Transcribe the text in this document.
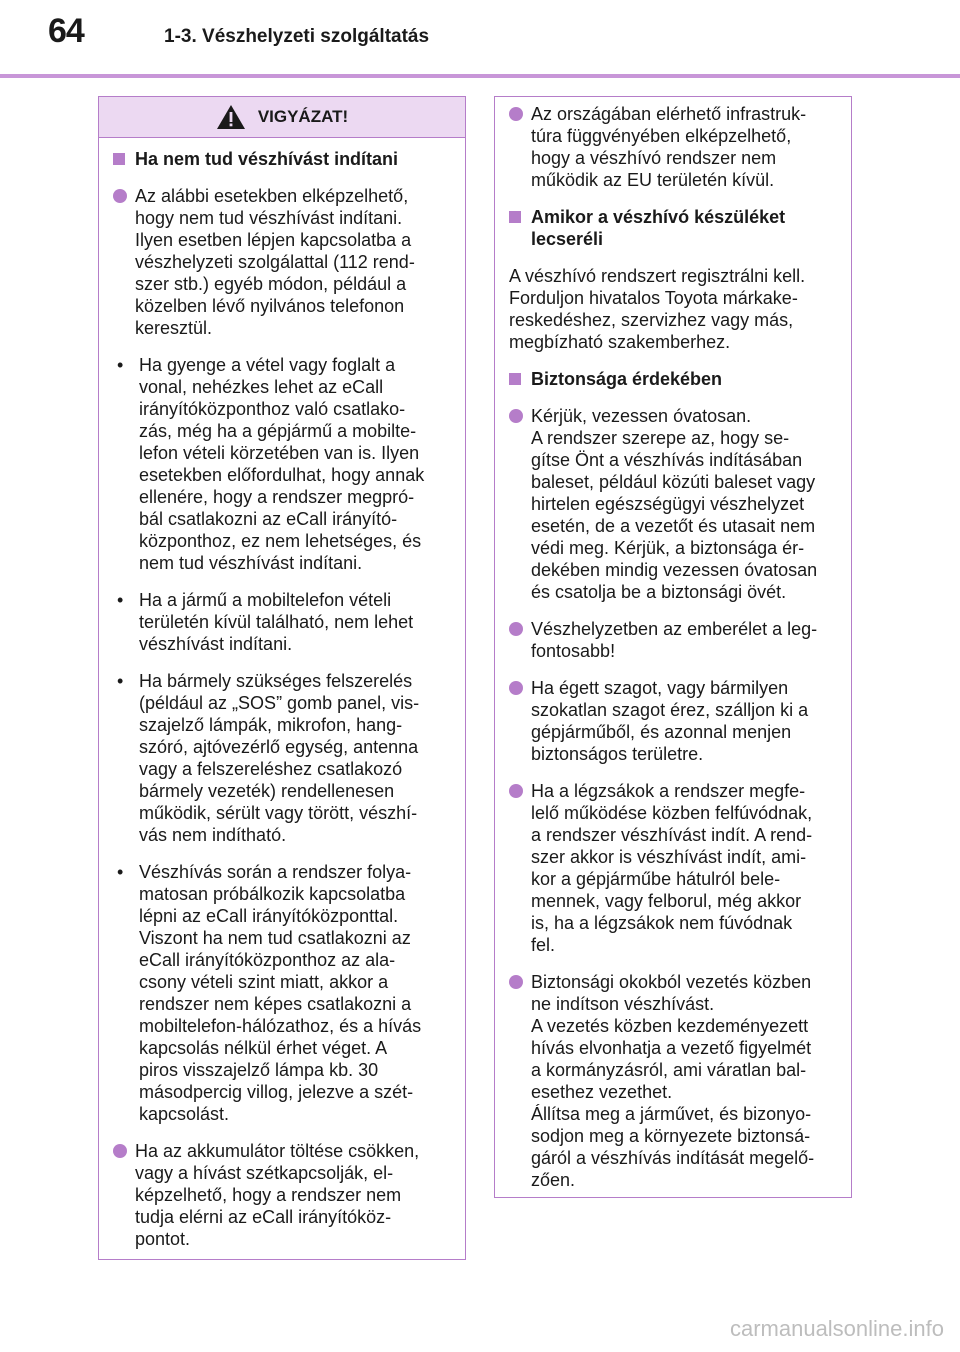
64	1-3. Vészhelyzeti szolgáltatás
VIGYÁZAT!
Ha nem tud vészhívást indítani
Az alábbi esetekben elképzelhető,
hogy nem tud vészhívást indítani.
Ilyen esetben lépjen kapcsolatba a
vészhelyzeti szolgálattal (112 rend-
szer stb.) egyéb módon, például a
közelben lévő nyilvános telefonon
keresztül.
• Ha gyenge a vétel vagy foglalt a
vonal, nehézkes lehet az eCall
irányítóközponthoz való csatlako-
zás, még ha a gépjármű a mobilte-
lefon vételi körzetében van is. Ilyen
esetekben előfordulhat, hogy annak
ellenére, hogy a rendszer megpró-
bál csatlakozni az eCall irányító-
központhoz, ez nem lehetséges, és
nem tud vészhívást indítani.
• Ha a jármű a mobiltelefon vételi
területén kívül található, nem lehet
vészhívást indítani.
• Ha bármely szükséges felszerelés
(például az „SOS” gomb panel, vis-
szajelző lámpák, mikrofon, hang-
szóró, ajtóvezérlő egység, antenna
vagy a felszereléshez csatlakozó
bármely vezeték) rendellenesen
működik, sérült vagy törött, vészhí-
vás nem indítható.
• Vészhívás során a rendszer folya-
matosan próbálkozik kapcsolatba
lépni az eCall irányítóközponttal.
Viszont ha nem tud csatlakozni az
eCall irányítóközponthoz az ala-
csony vételi szint miatt, akkor a
rendszer nem képes csatlakozni a
mobiltelefon-hálózathoz, és a hívás
kapcsolás nélkül érhet véget. A
piros visszajelző lámpa kb. 30
másodpercig villog, jelezve a szét-
kapcsolást.
Ha az akkumulátor töltése csökken,
vagy a hívást szétkapcsolják, el-
képzelhető, hogy a rendszer nem
tudja elérni az eCall irányítóköz-
pontot.
Az országában elérhető infrastruk-
túra függvényében elképzelhető,
hogy a vészhívó rendszer nem
működik az EU területén kívül.
Amikor a vészhívó készüléket
lecseréli
A vészhívó rendszert regisztrálni kell.
Forduljon hivatalos Toyota márkake-
reskedéshez, szervizhez vagy más,
megbízható szakemberhez.
Biztonsága érdekében
Kérjük, vezessen óvatosan.
A rendszer szerepe az, hogy se-
gítse Önt a vészhívás indításában
baleset, például közúti baleset vagy
hirtelen egészségügyi vészhelyzet
esetén, de a vezetőt és utasait nem
védi meg. Kérjük, a biztonsága ér-
dekében mindig vezessen óvatosan
és csatolja be a biztonsági övét.
Vészhelyzetben az emberélet a leg-
fontosabb!
Ha égett szagot, vagy bármilyen
szokatlan szagot érez, szálljon ki a
gépjárműből, és azonnal menjen
biztonságos területre.
Ha a légzsákok a rendszer megfe-
lelő működése közben felfúvódnak,
a rendszer vészhívást indít. A rend-
szer akkor is vészhívást indít, ami-
kor a gépjárműbe hátulról bele-
mennek, vagy felborul, még akkor
is, ha a légzsákok nem fúvódnak
fel.
Biztonsági okokból vezetés közben
ne indítson vészhívást.
A vezetés közben kezdeményezett
hívás elvonhatja a vezető figyelmét
a kormányzásról, ami váratlan bal-
esethez vezethet.
Állítsa meg a járművet, és bizonyo-
sodjon meg a környezete biztonsá-
gáról a vészhívás indítását megelő-
zően.
carmanualsonline.info
